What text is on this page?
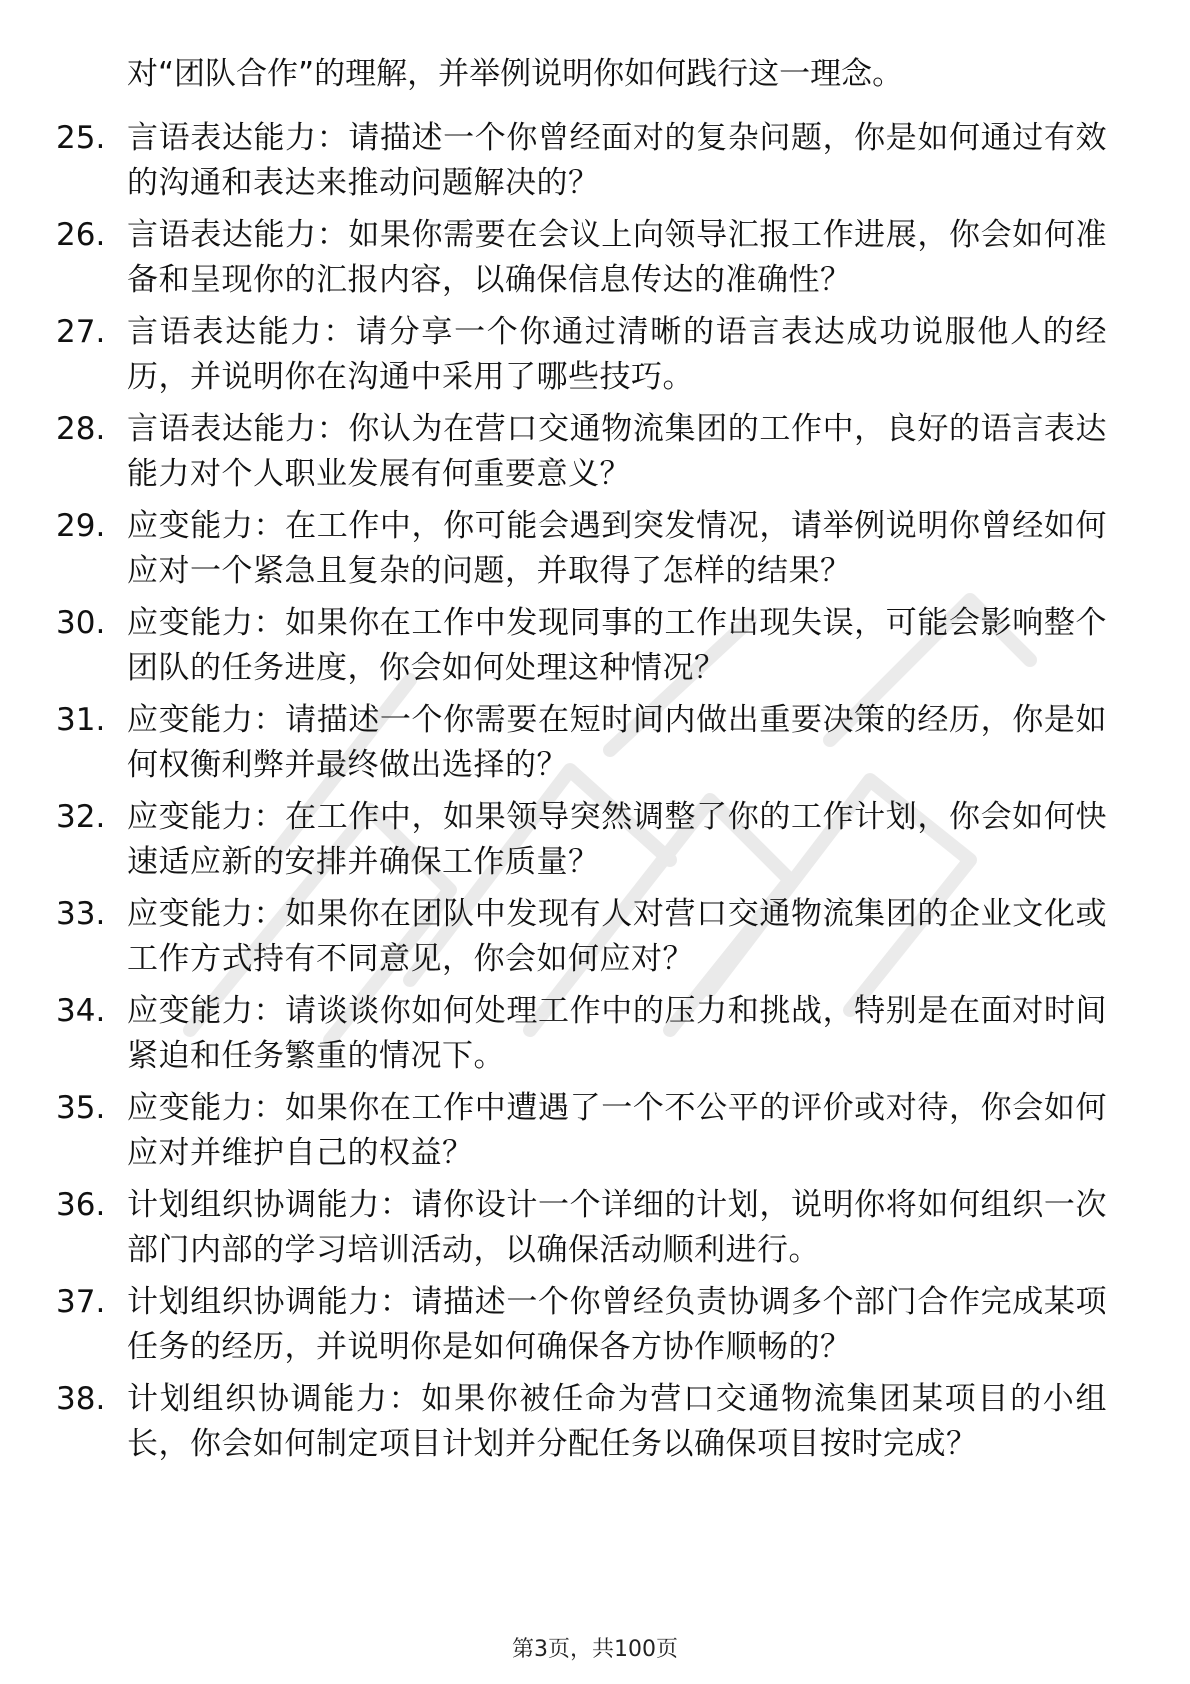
对“团队合作”的理解，并举例说明你如何践行这一理念。
25. 言语表达能力：请描述一个你曾经面对的复杂问题，你是如何通过有效的沟通和表达来推动问题解决的？
26. 言语表达能力：如果你需要在会议上向领导汇报工作进展，你会如何准备和呈现你的汇报内容，以确保信息传达的准确性？
27. 言语表达能力：请分享一个你通过清晰的语言表达成功说服他人的经历，并说明你在沟通中采用了哪些技巧。
28. 言语表达能力：你认为在营口交通物流集团的工作中，良好的语言表达能力对个人职业发展有何重要意义？
29. 应变能力：在工作中，你可能会遇到突发情况，请举例说明你曾经如何应对一个紧急且复杂的问题，并取得了怎样的结果？
30. 应变能力：如果你在工作中发现同事的工作出现失误，可能会影响整个团队的任务进度，你会如何处理这种情况？
31. 应变能力：请描述一个你需要在短时间内做出重要决策的经历，你是如何权衡利弊并最终做出选择的？
32. 应变能力：在工作中，如果领导突然调整了你的工作计划，你会如何快速适应新的安排并确保工作质量？
33. 应变能力：如果你在团队中发现有人对营口交通物流集团的企业文化或工作方式持有不同意见，你会如何应对？
34. 应变能力：请谈谈你如何处理工作中的压力和挑战，特别是在面对时间紧迫和任务繁重的情况下。
35. 应变能力：如果你在工作中遭遇了一个不公平的评价或对待，你会如何应对并维护自己的权益？
36. 计划组织协调能力：请你设计一个详细的计划，说明你将如何组织一次部门内部的学习培训活动，以确保活动顺利进行。
37. 计划组织协调能力：请描述一个你曾经负责协调多个部门合作完成某项任务的经历，并说明你是如何确保各方协作顺畅的？
38. 计划组织协调能力：如果你被任命为营口交通物流集团某项目的小组长，你会如何制定项目计划并分配任务以确保项目按时完成？
第3页，共100页
